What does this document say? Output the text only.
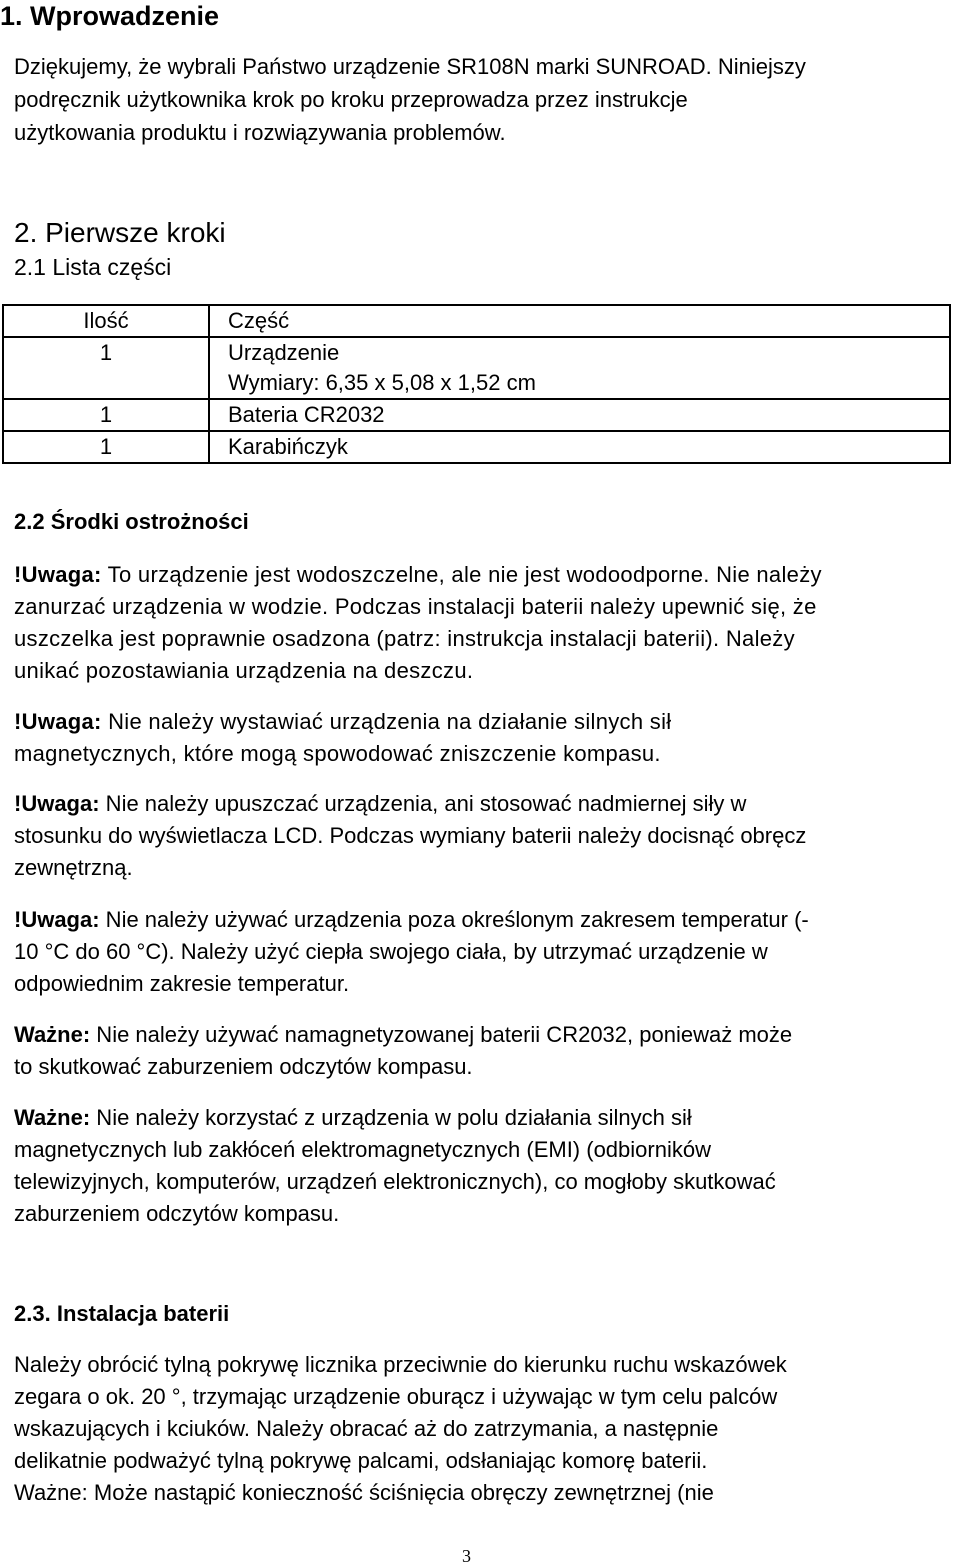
1. Wprowadzenie

Dziękujemy, że wybrali Państwo urządzenie SR108N marki SUNROAD. Niniejszy

podręcznik użytkownika krok po kroku przeprowadza przez instrukcje

użytkowania produktu i rozwiązywania problemów.

2. Pierwsze kroki
2.1 Lista części
Ilość	Część
1	Urządzenie
Wymiary: 6,35 x 5,08 x 1,52 cm

1	Bateria CR2032
1	Karabińczyk
2.2 Środki ostrożności

!Uwaga: To urządzenie jest wodoszczelne, ale nie jest wodoodporne. Nie należy

zanurzać urządzenia w wodzie. Podczas instalacji baterii należy upewnić się, że

uszczelka jest poprawnie osadzona (patrz: instrukcja instalacji baterii). Należy

unikać pozostawiania urządzenia na deszczu.

!Uwaga: Nie należy wystawiać urządzenia na działanie silnych sił

magnetycznych, które mogą spowodować zniszczenie kompasu.

!Uwaga: Nie należy upuszczać urządzenia, ani stosować nadmiernej siły w

stosunku do wyświetlacza LCD. Podczas wymiany baterii należy docisnąć obręcz

zewnętrzną.

!Uwaga: Nie należy używać urządzenia poza określonym zakresem temperatur (-

10 °C do 60 °C). Należy użyć ciepła swojego ciała, by utrzymać urządzenie w

odpowiednim zakresie temperatur.

Ważne: Nie należy używać namagnetyzowanej baterii CR2032, ponieważ może

to skutkować zaburzeniem odczytów kompasu.

Ważne: Nie należy korzystać z urządzenia w polu działania silnych sił

magnetycznych lub zakłóceń elektromagnetycznych (EMI) (odbiorników

telewizyjnych, komputerów, urządzeń elektronicznych), co mogłoby skutkować

zaburzeniem odczytów kompasu.

2.3. Instalacja baterii

Należy obrócić tylną pokrywę licznika przeciwnie do kierunku ruchu wskazówek

zegara o ok. 20 °, trzymając urządzenie oburącz i używając w tym celu palców

wskazujących i kciuków. Należy obracać aż do zatrzymania, a następnie

delikatnie podważyć tylną pokrywę palcami, odsłaniając komorę baterii.

Ważne: Może nastąpić konieczność ściśnięcia obręczy zewnętrznej (nie

3
